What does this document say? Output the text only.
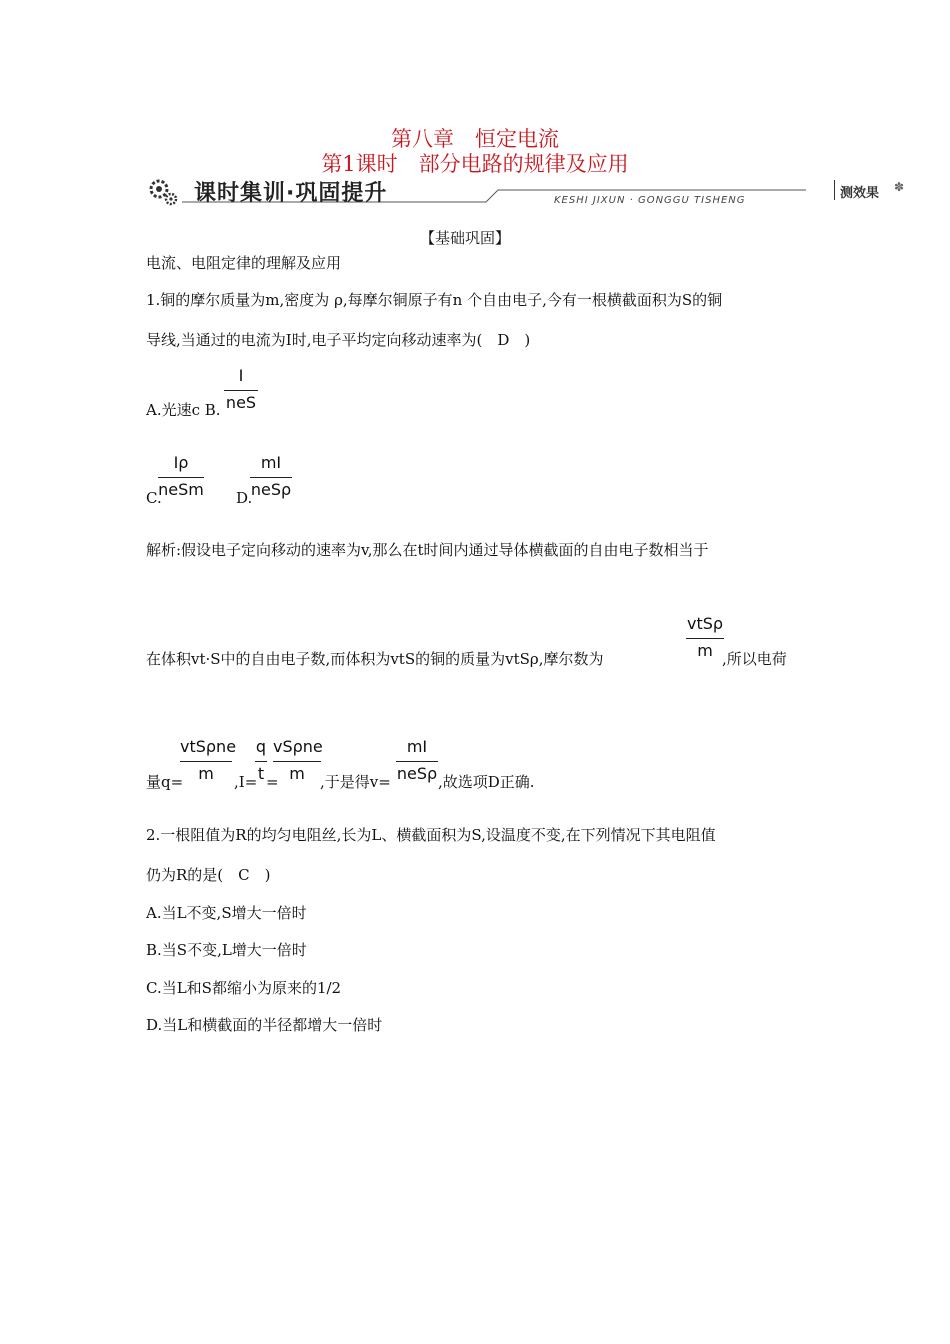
第八章　恒定电流
第1课时　部分电路的规律及应用
课时集训·巩固提升	KESHI JIXUN · GONGGU TISHENG	测效果 ✽
【基础巩固】
电流、电阻定律的理解及应用
1.铜的摩尔质量为m,密度为 ρ,每摩尔铜原子有n 个自由电子,今有一根横截面积为S的铜
导线,当通过的电流为I时,电子平均定向移动速率为(　D　)
A.光速c B.
I
neS
C.
Iρ
neSm D.
mI
neSρ
解析:假设电子定向移动的速率为v,那么在t时间内通过导体横截面的自由电子数相当于
在体积vt·S中的自由电子数,而体积为vtS的铜的质量为vtSρ,摩尔数为
vtSρ
m ,所以电荷
量q=
vtSρne
m	,I=
$\frac{q}{t}$ =
vSρne
m	,于是得v=
mI
neSρ ,故选项D正确.
2.一根阻值为R的均匀电阻丝,长为L、横截面积为S,设温度不变,在下列情况下其电阻值
仍为R的是(　C　)
A.当L不变,S增大一倍时
B.当S不变,L增大一倍时
C.当L和S都缩小为原来的1/2
D.当L和横截面的半径都增大一倍时
